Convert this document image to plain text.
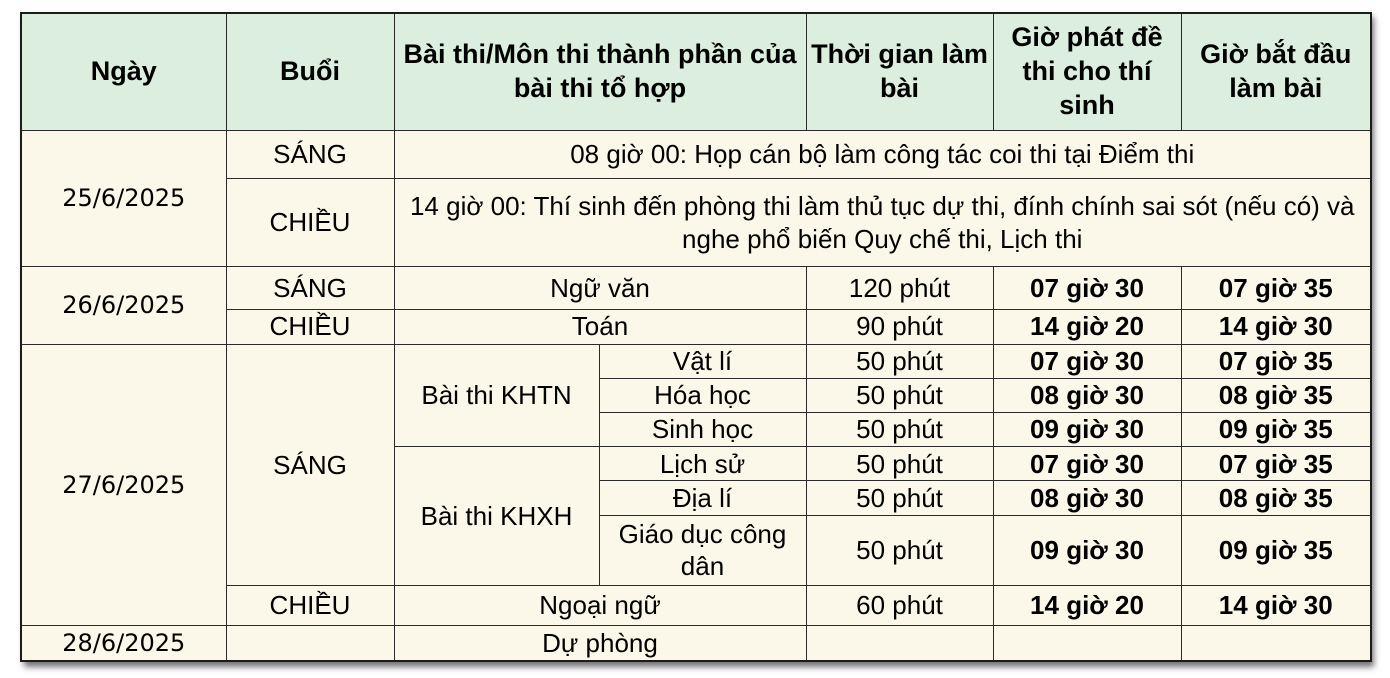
Ngày	Buổi	Bài thi/Môn thi thành phần của bài thi tổ hợp		Thời gian làm bài	Giờ phát đề thi cho thí sinh	Giờ bắt đầu làm bài
25/6/2025	SÁNG	08 giờ 00: Họp cán bộ làm công tác coi thi tại Điểm thi				
	CHIỀU	14 giờ 00: Thí sinh đến phòng thi làm thủ tục dự thi, đính chính sai sót (nếu có) và nghe phổ biến Quy chế thi, Lịch thi				
26/6/2025	SÁNG	Ngữ văn		120 phút	07 giờ 30	07 giờ 35
	CHIỀU	Toán		90 phút	14 giờ 20	14 giờ 30
27/6/2025	SÁNG	Bài thi KHTN	Vật lí	50 phút	07 giờ 30	07 giờ 35
			Hóa học	50 phút	08 giờ 30	08 giờ 35
			Sinh học	50 phút	09 giờ 30	09 giờ 35
		Bài thi KHXH	Lịch sử	50 phút	07 giờ 30	07 giờ 35
			Địa lí	50 phút	08 giờ 30	08 giờ 35
			Giáo dục công dân	50 phút	09 giờ 30	09 giờ 35
	CHIỀU	Ngoại ngữ		60 phút	14 giờ 20	14 giờ 30
28/6/2025		Dự phòng				
